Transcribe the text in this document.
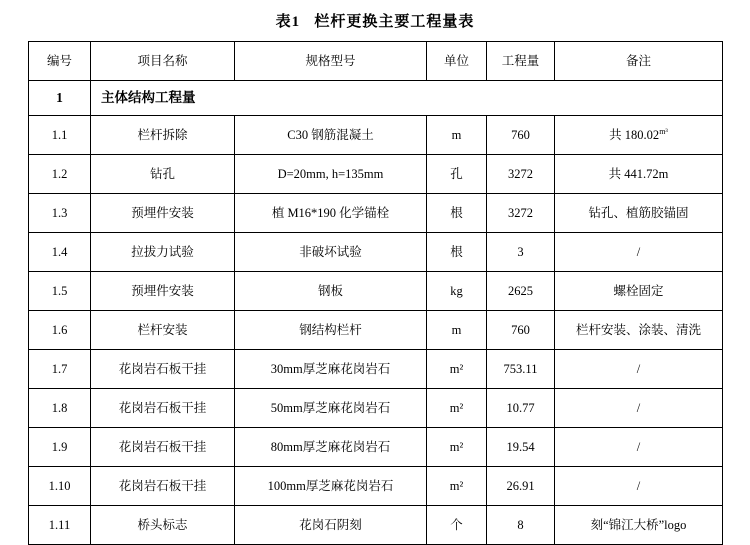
表1   栏杆更换主要工程量表
编号	项目名称	规格型号	单位	工程量	备注
1	主体结构工程量				
1.1	栏杆拆除	C30 钢筋混凝土	m	760	共 $180.02^{m^3}$
1.2	钻孔	D=20mm, h=135mm	孔	3272	共 441.72m
1.3	预埋件安装	植 M16*190 化学锚栓	根	3272	钻孔、植筋胶锚固
1.4	拉拔力试验	非破坏试验	根	3	/
1.5	预埋件安装	钢板	kg	2625	螺栓固定
1.6	栏杆安装	钢结构栏杆	m	760	栏杆安装、涂装、清洗
1.7	花岗岩石板干挂	30mm厚芝麻花岗岩石	m²	753.11	/
1.8	花岗岩石板干挂	50mm厚芝麻花岗岩石	m²	10.77	/
1.9	花岗岩石板干挂	80mm厚芝麻花岗岩石	m²	19.54	/
1.10	花岗岩石板干挂	100mm厚芝麻花岗岩石	m²	26.91	/
1.11	桥头标志	花岗石阴刻	个	8	刻“锦江大桥”logo
